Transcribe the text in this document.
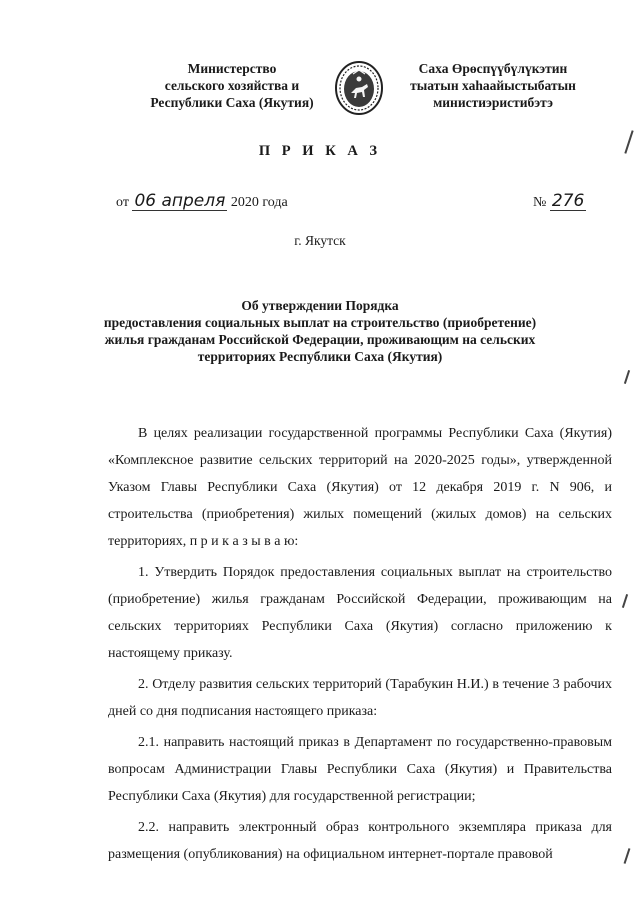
Министерство
сельского хозяйства и
Республики Саха (Якутия)
Саха Өрөспүүбүлүкэтин
тыатын хаһаайыстыбатын
министиэристибэтэ
П Р И К А З
от 06 апреля 2020 года	№ 276
г. Якутск
Об утверждении Порядка
предоставления социальных выплат на строительство (приобретение)
жилья гражданам Российской Федерации, проживающим на сельских
территориях Республики Саха (Якутия)

В целях реализации государственной программы Республики Саха (Якутия) «Комплексное развитие сельских территорий на 2020-2025 годы», утвержденной Указом Главы Республики Саха (Якутия) от 12 декабря 2019 г. N 906, и строительства (приобретения) жилых помещений (жилых домов) на сельских территориях, п р и к а з ы в а ю:

1. Утвердить Порядок предоставления социальных выплат на строительство (приобретение) жилья гражданам Российской Федерации, проживающим на сельских территориях Республики Саха (Якутия) согласно приложению к настоящему приказу.

2. Отделу развития сельских территорий (Тарабукин Н.И.) в течение 3 рабочих дней со дня подписания настоящего приказа:

2.1. направить настоящий приказ в Департамент по государственно-правовым вопросам Администрации Главы Республики Саха (Якутия) и Правительства Республики Саха (Якутия) для государственной регистрации;

2.2. направить электронный образ контрольного экземпляра приказа для размещения (опубликования) на официальном интернет-портале правовой
